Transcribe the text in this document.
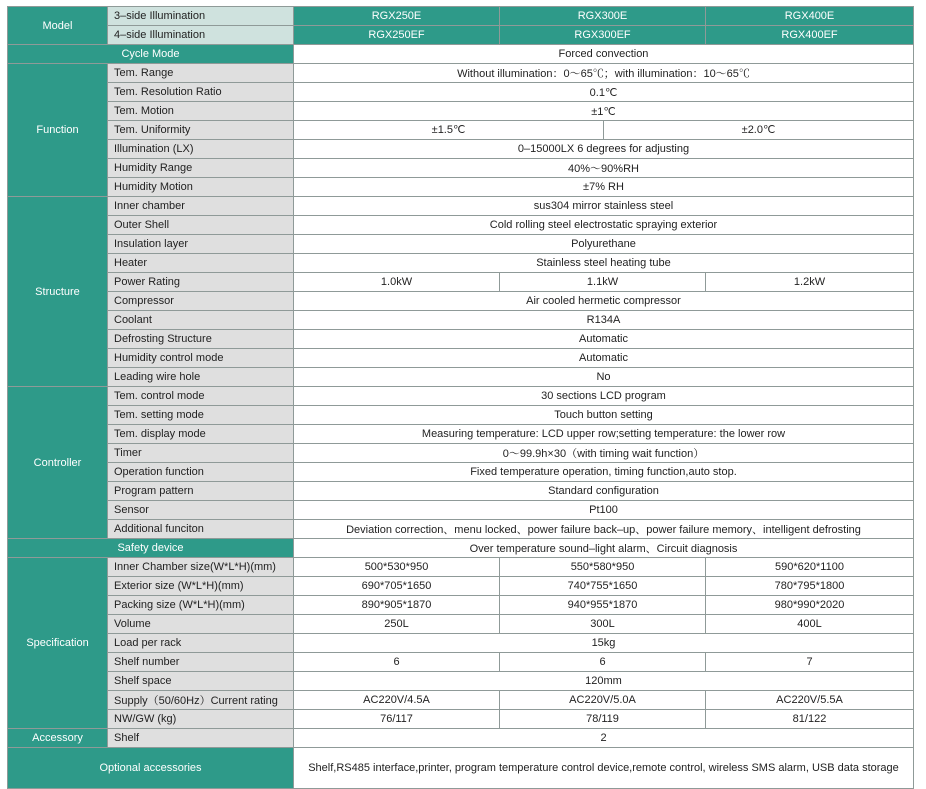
Model	3–side Illumination	RGX250E	RGX300E	RGX400E
	4–side Illumination	RGX250EF	RGX300EF	RGX400EF
Cycle Mode		Forced convection		
Function	Tem. Range	Without illumination：0～65℃；with illumination：10～65℃		
	Tem. Resolution Ratio	0.1℃		
	Tem. Motion	±1℃		
	Tem. Uniformity	±1.5℃ ±2.0℃		

	Illumination (LX)	0–15000LX 6 degrees for adjusting		
	Humidity Range	40%～90%RH		
	Humidity Motion	±7% RH		
Structure	Inner chamber	sus304 mirror stainless steel		
	Outer Shell	Cold rolling steel electrostatic spraying exterior		
	Insulation layer	Polyurethane		
	Heater	Stainless steel heating tube		
	Power Rating	1.0kW	1.1kW	1.2kW
	Compressor	Air cooled hermetic compressor		
	Coolant	R134A		
	Defrosting Structure	Automatic		
	Humidity control mode	Automatic		
	Leading wire hole	No		
Controller	Tem. control mode	30 sections LCD program		
	Tem. setting mode	Touch button setting		
	Tem. display mode	Measuring temperature: LCD upper row;setting temperature: the lower row		
	Timer	0～99.9h×30（with timing wait function）		
	Operation function	Fixed temperature operation, timing function,auto stop.		
	Program pattern	Standard configuration		
	Sensor	Pt100		
	Additional funciton	Deviation correction、menu locked、power failure back–up、power failure memory、intelligent defrosting		
Safety device		Over temperature sound–light alarm、Circuit diagnosis		
Specification	Inner Chamber size(W*L*H)(mm)	500*530*950	550*580*950	590*620*1100
	Exterior size (W*L*H)(mm)	690*705*1650	740*755*1650	780*795*1800
	Packing size (W*L*H)(mm)	890*905*1870	940*955*1870	980*990*2020
	Volume	250L	300L	400L
	Load per rack	15kg		
	Shelf number	6	6	7
	Shelf space	120mm		
	Supply（50/60Hz）Current rating	AC220V/4.5A	AC220V/5.0A	AC220V/5.5A
	NW/GW (kg)	76/117	78/119	81/122
Accessory	Shelf	2		
Optional accessories		Shelf,RS485 interface,printer, program temperature control device,remote control, wireless SMS alarm, USB data storage		
